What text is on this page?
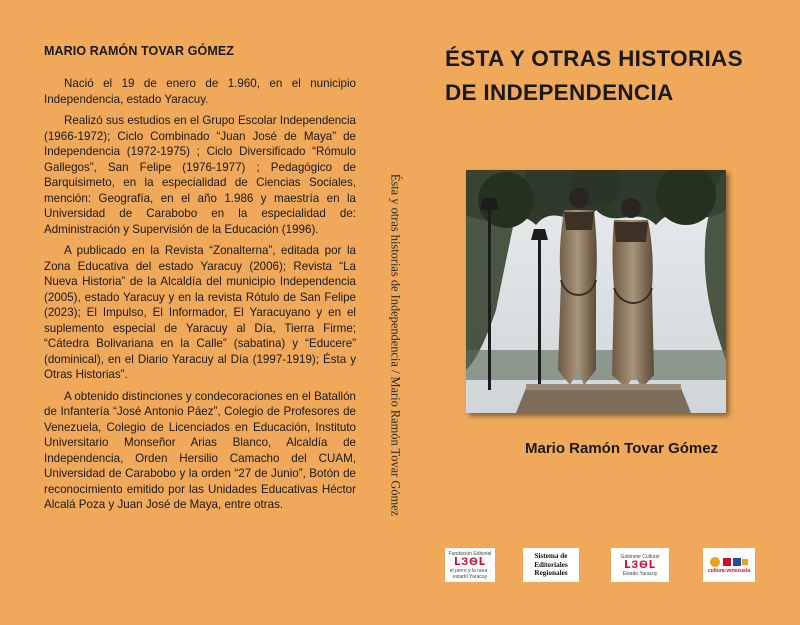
MARIO RAMÓN TOVAR GÓMEZ

Nació el 19 de enero de 1.960, en el nunicipio Independencia, estado Yaracuy.

Realizó sus estudios en el Grupo Escolar Independencia (1966-1972); Ciclo Combinado “Juan José de Maya” de Independencia (1972-1975) ; Ciclo Diversificado “Rómulo Gallegos”, San Felipe (1976-1977) ; Pedagógico de Barquisimeto, en la especialidad de Ciencias Sociales, mención: Geografía, en el año 1.986 y maestría en la Universidad de Carabobo en la especialidad de: Administración y Supervisión de la Educación (1996).

A publicado en la Revista “Zonalterna”, editada por la Zona Educativa del estado Yaracuy (2006); Revista “La Nueva Historia” de la Alcaldía del municipio Independencia (2005), estado Yaracuy y en la revista Rótulo de San Felipe (2023); El Impulso, El Informador, El Yaracuyano y en el suplemento especial de Yaracuy al Día, Tierra Firme; “Cátedra Bolivariana en la Calle” (sabatina) y “Educere” (dominical), en el Diario Yaracuy al Día (1997-1919); Ésta y Otras Historias”.

A obtenido distinciones y condecoraciones en el Batallón de Infantería “José Antonio Páez”, Colegio de Profesores de Venezuela, Colegio de Licenciados en Educación, Instituto Universitario Monseñor Arias Blanco, Alcaldía de Independencia, Orden Hersilio Camacho del CUAM, Universidad de Carabobo y la orden “27 de Junio”, Botón de reconocimiento emitido por las Unidades Educativas Héctor Alcalá Poza y Juan José de Maya, entre otras.	Ésta y otras historias de Independencia / Mario Ramón Tovar Gómez
ÉSTA Y OTRAS HISTORIAS
DE INDEPENDENCIA
Mario Ramón Tovar Gómez
Fundación Editorial
ԼЗѲԼ
el perro y la rana · estado Yaracuy
Sistema de
Editoriales
Regionales
Gabinete Cultural
ԼЗѲԼ
Estado Yaracuy	cultura·venezuela
